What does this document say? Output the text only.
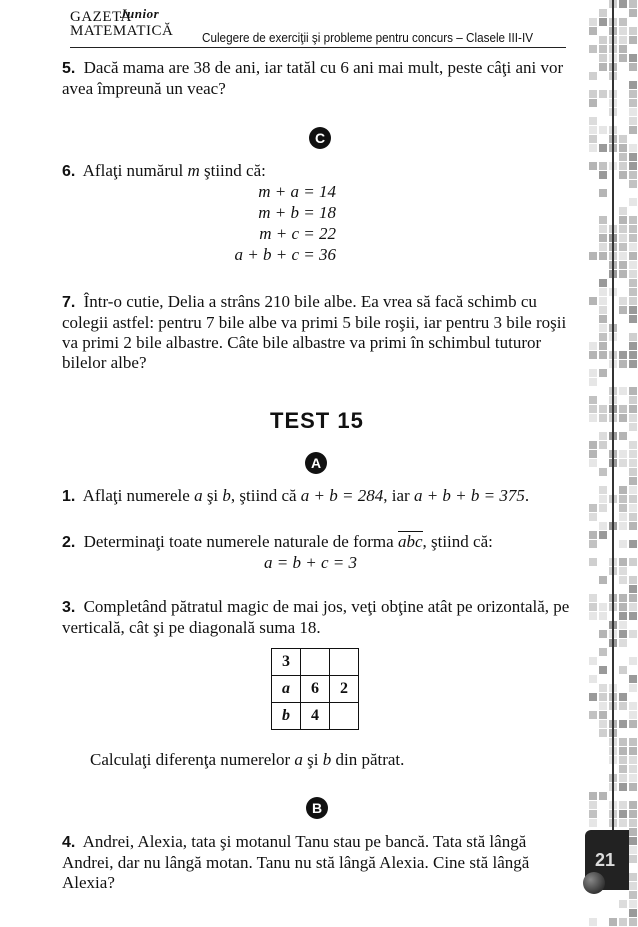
GAZETA
MATEMATICĂ
Junior
Culegere de exerciţii şi probleme pentru concurs – Clasele III-IV
5. Dacă mama are 38 de ani, iar tatăl cu 6 ani mai mult, peste câţi ani vor avea împreună un veac?
C
6. Aflaţi numărul m ştiind că:
m + a = 14
m + b = 18
m + c = 22
a + b + c = 36
7. Într-o cutie, Delia a strâns 210 bile albe. Ea vrea să facă schimb cu colegii astfel: pentru 7 bile albe va primi 5 bile roşii, iar pentru 3 bile roşii va primi 2 bile albastre. Câte bile albastre va primi în schimbul tuturor bilelor albe?
TEST 15
A
1. Aflaţi numerele a şi b, ştiind că a + b = 284, iar a + b + b = 375.
2. Determinaţi toate numerele naturale de forma abc, ştiind că:
a = b + c = 3
3. Completând pătratul magic de mai jos, veţi obţine atât pe orizontală, pe verticală, cât şi pe diagonală suma 18.
3		
a	6	2
b	4	
Calculaţi diferenţa numerelor a şi b din pătrat.
B
4. Andrei, Alexia, tata şi motanul Tanu stau pe bancă. Tata stă lângă Andrei, dar nu lângă motan. Tanu nu stă lângă Alexia. Cine stă lângă Alexia?
21
